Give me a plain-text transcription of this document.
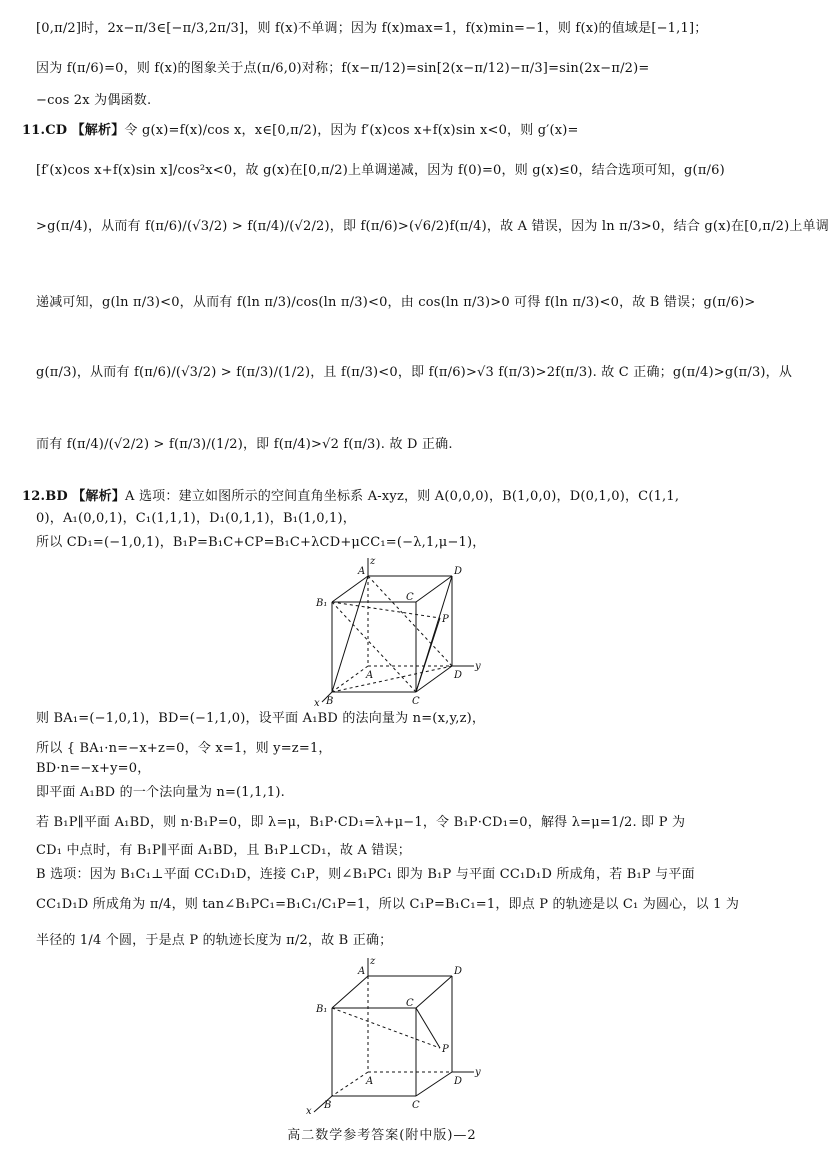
[0,π/2]时，2x−π/3∈[−π/3,2π/3]，则 f(x)不单调；因为 f(x)max=1，f(x)min=−1，则 f(x)的值域是[−1,1]；
因为 f(π/6)=0，则 f(x)的图象关于点(π/6,0)对称；f(x−π/12)=sin[2(x−π/12)−π/3]=sin(2x−π/2)=
−cos 2x 为偶函数.
11.CD 【解析】令 g(x)=f(x)/cos x，x∈[0,π/2)，因为 f′(x)cos x+f(x)sin x<0，则 g′(x)=
[f′(x)cos x+f(x)sin x]/cos²x<0，故 g(x)在[0,π/2)上单调递减，因为 f(0)=0，则 g(x)≤0，结合选项可知，g(π/6)
>g(π/4)，从而有 f(π/6)/(√3/2) > f(π/4)/(√2/2)，即 f(π/6)>(√6/2)f(π/4)，故 A 错误，因为 ln π/3>0，结合 g(x)在[0,π/2)上单调
递减可知，g(ln π/3)<0，从而有 f(ln π/3)/cos(ln π/3)<0，由 cos(ln π/3)>0 可得 f(ln π/3)<0，故 B 错误；g(π/6)>
g(π/3)，从而有 f(π/6)/(√3/2) > f(π/3)/(1/2)，且 f(π/3)<0，即 f(π/6)>√3 f(π/3)>2f(π/3). 故 C 正确；g(π/4)>g(π/3)，从
而有 f(π/4)/(√2/2) > f(π/3)/(1/2)，即 f(π/4)>√2 f(π/3). 故 D 正确.
12.BD 【解析】A 选项：建立如图所示的空间直角坐标系 A-xyz，则 A(0,0,0)，B(1,0,0)，D(0,1,0)，C(1,1,
0)，A₁(0,0,1)，C₁(1,1,1)，D₁(0,1,1)，B₁(1,0,1)，
所以 CD₁=(−1,0,1)，B₁P=B₁C+CP=B₁C+λCD+μCC₁=(−λ,1,μ−1)，
z
A	D
B₁
C
P
A	D
y
B	C
x
则 BA₁=(−1,0,1)，BD=(−1,1,0)，设平面 A₁BD 的法向量为 n=(x,y,z)，
所以 { BA₁·n=−x+z=0，令 x=1，则 y=z=1，
BD·n=−x+y=0，
即平面 A₁BD 的一个法向量为 n=(1,1,1).
若 B₁P∥平面 A₁BD，则 n·B₁P=0，即 λ=μ，B₁P·CD₁=λ+μ−1，令 B₁P·CD₁=0，解得 λ=μ=1/2. 即 P 为
CD₁ 中点时，有 B₁P∥平面 A₁BD，且 B₁P⊥CD₁，故 A 错误；
B 选项：因为 B₁C₁⊥平面 CC₁D₁D，连接 C₁P，则∠B₁PC₁ 即为 B₁P 与平面 CC₁D₁D 所成角，若 B₁P 与平面
CC₁D₁D 所成角为 π/4，则 tan∠B₁PC₁=B₁C₁/C₁P=1，所以 C₁P=B₁C₁=1，即点 P 的轨迹是以 C₁ 为圆心，以 1 为
半径的 1/4 个圆，于是点 P 的轨迹长度为 π/2，故 B 正确；
z
A	D
B₁
C
P
A	D
y
B	C
x
高二数学参考答案(附中版)—2
